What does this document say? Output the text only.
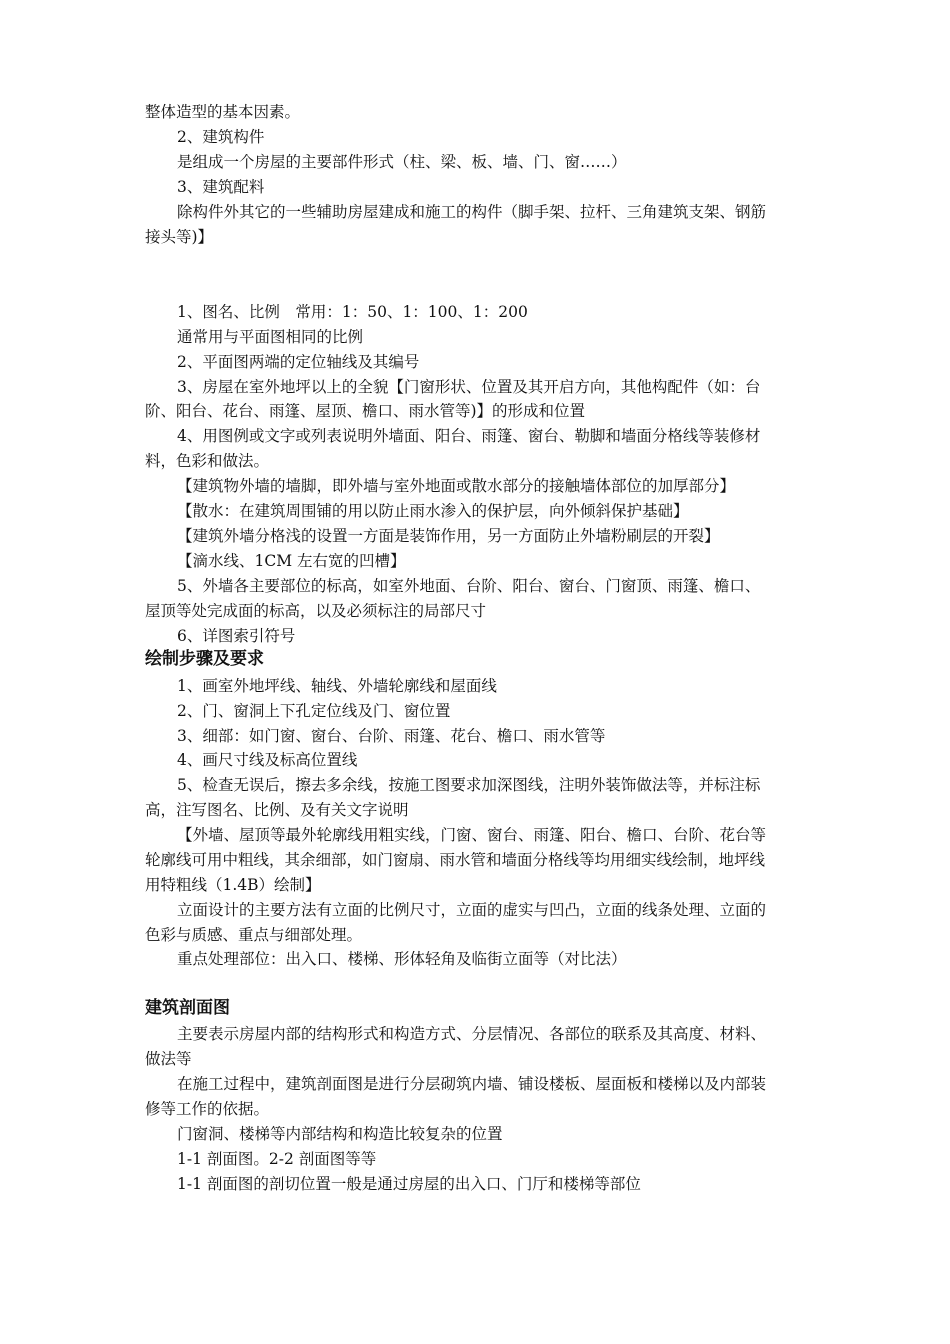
整体造型的基本因素。
2、建筑构件
是组成一个房屋的主要部件形式（柱、梁、板、墙、门、窗……）
3、建筑配料
除构件外其它的一些辅助房屋建成和施工的构件（脚手架、拉杆、三角建筑支架、钢筋
接头等)】
1、图名、比例　常用：1：50、1：100、1：200
通常用与平面图相同的比例
2、平面图两端的定位轴线及其编号
3、房屋在室外地坪以上的全貌【门窗形状、位置及其开启方向，其他构配件（如：台
阶、阳台、花台、雨篷、屋顶、檐口、雨水管等)】的形成和位置
4、用图例或文字或列表说明外墙面、阳台、雨篷、窗台、勒脚和墙面分格线等装修材
料，色彩和做法。
【建筑物外墙的墙脚，即外墙与室外地面或散水部分的接触墙体部位的加厚部分】
【散水：在建筑周围铺的用以防止雨水渗入的保护层，向外倾斜保护基础】
【建筑外墙分格浅的设置一方面是装饰作用，另一方面防止外墙粉刷层的开裂】
【滴水线、1CM 左右宽的凹槽】
5、外墙各主要部位的标高，如室外地面、台阶、阳台、窗台、门窗顶、雨篷、檐口、
屋顶等处完成面的标高，以及必须标注的局部尺寸
6、详图索引符号
绘制步骤及要求
1、画室外地坪线、轴线、外墙轮廓线和屋面线
2、门、窗洞上下孔定位线及门、窗位置
3、细部：如门窗、窗台、台阶、雨篷、花台、檐口、雨水管等
4、画尺寸线及标高位置线
5、检查无误后，擦去多余线，按施工图要求加深图线，注明外装饰做法等，并标注标
高，注写图名、比例、及有关文字说明
【外墙、屋顶等最外轮廓线用粗实线，门窗、窗台、雨篷、阳台、檐口、台阶、花台等
轮廓线可用中粗线，其余细部，如门窗扇、雨水管和墙面分格线等均用细实线绘制，地坪线
用特粗线（1.4B）绘制】
立面设计的主要方法有立面的比例尺寸，立面的虚实与凹凸，立面的线条处理、立面的
色彩与质感、重点与细部处理。
重点处理部位：出入口、楼梯、形体轻角及临街立面等（对比法）
建筑剖面图
主要表示房屋内部的结构形式和构造方式、分层情况、各部位的联系及其高度、材料、
做法等
在施工过程中，建筑剖面图是进行分层砌筑内墙、铺设楼板、屋面板和楼梯以及内部装
修等工作的依据。
门窗洞、楼梯等内部结构和构造比较复杂的位置
1-1 剖面图。2-2 剖面图等等
1-1 剖面图的剖切位置一般是通过房屋的出入口、门厅和楼梯等部位
